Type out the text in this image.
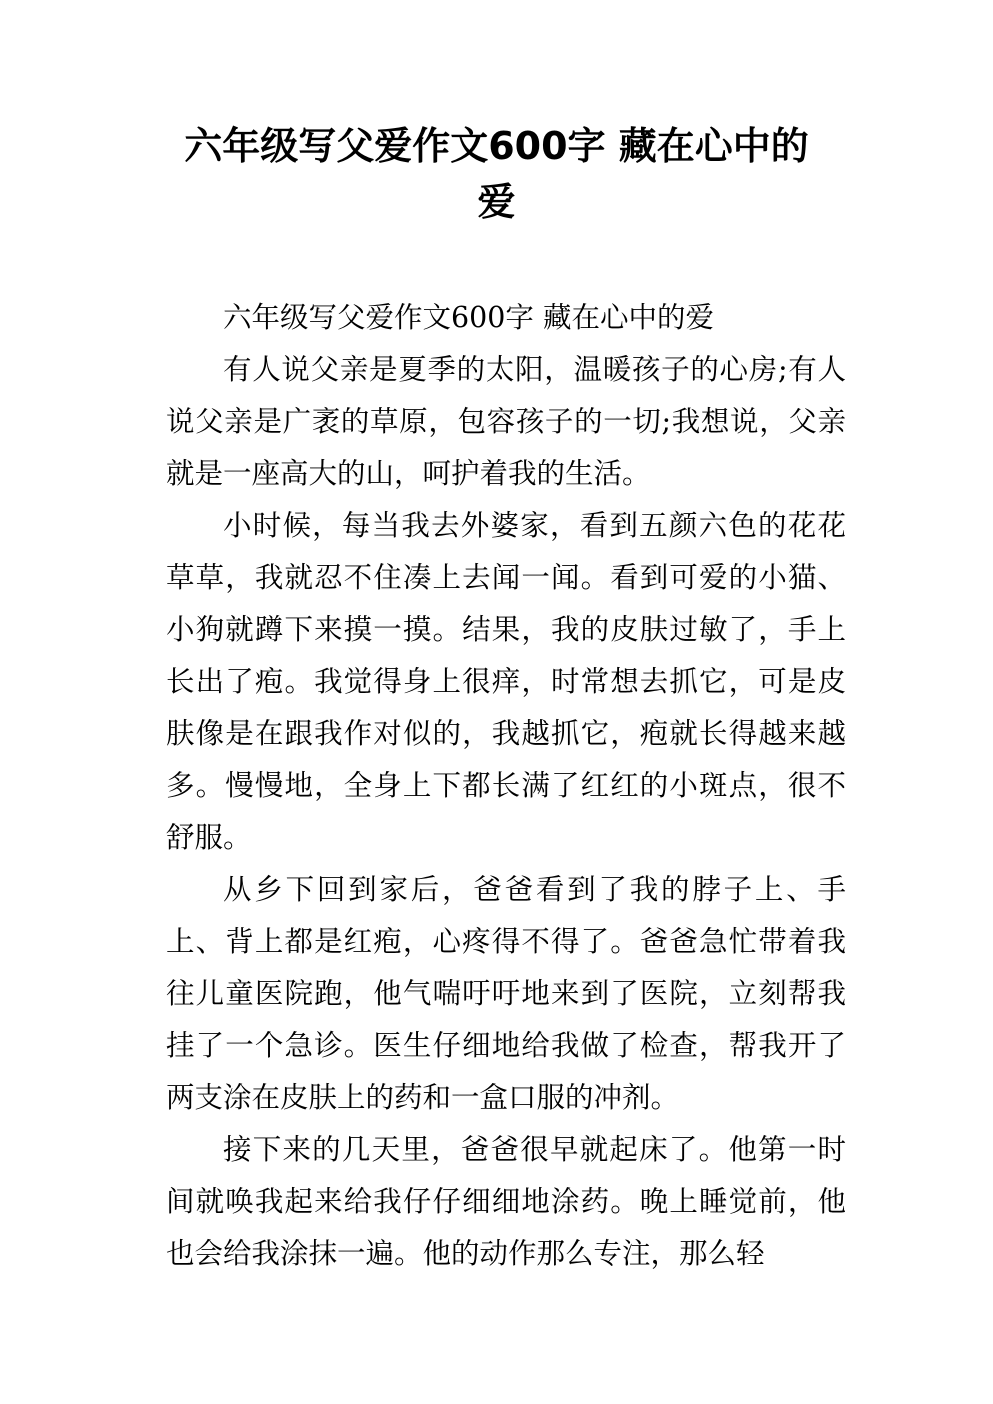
六年级写父爱作文600字 藏在心中的
爱

六年级写父爱作文600字 藏在心中的爱

有人说父亲是夏季的太阳，温暖孩子的心房;有人说父亲是广袤的草原，包容孩子的一切;我想说，父亲就是一座高大的山，呵护着我的生活。

小时候，每当我去外婆家，看到五颜六色的花花草草，我就忍不住凑上去闻一闻。看到可爱的小猫、小狗就蹲下来摸一摸。结果，我的皮肤过敏了，手上长出了疱。我觉得身上很痒，时常想去抓它，可是皮肤像是在跟我作对似的，我越抓它，疱就长得越来越多。慢慢地，全身上下都长满了红红的小斑点，很不舒服。

从乡下回到家后，爸爸看到了我的脖子上、手上、背上都是红疱，心疼得不得了。爸爸急忙带着我往儿童医院跑，他气喘吁吁地来到了医院，立刻帮我挂了一个急诊。医生仔细地给我做了检查，帮我开了两支涂在皮肤上的药和一盒口服的冲剂。

接下来的几天里，爸爸很早就起床了。他第一时间就唤我起来给我仔仔细细地涂药。晚上睡觉前，他也会给我涂抹一遍。他的动作那么专注，那么轻
